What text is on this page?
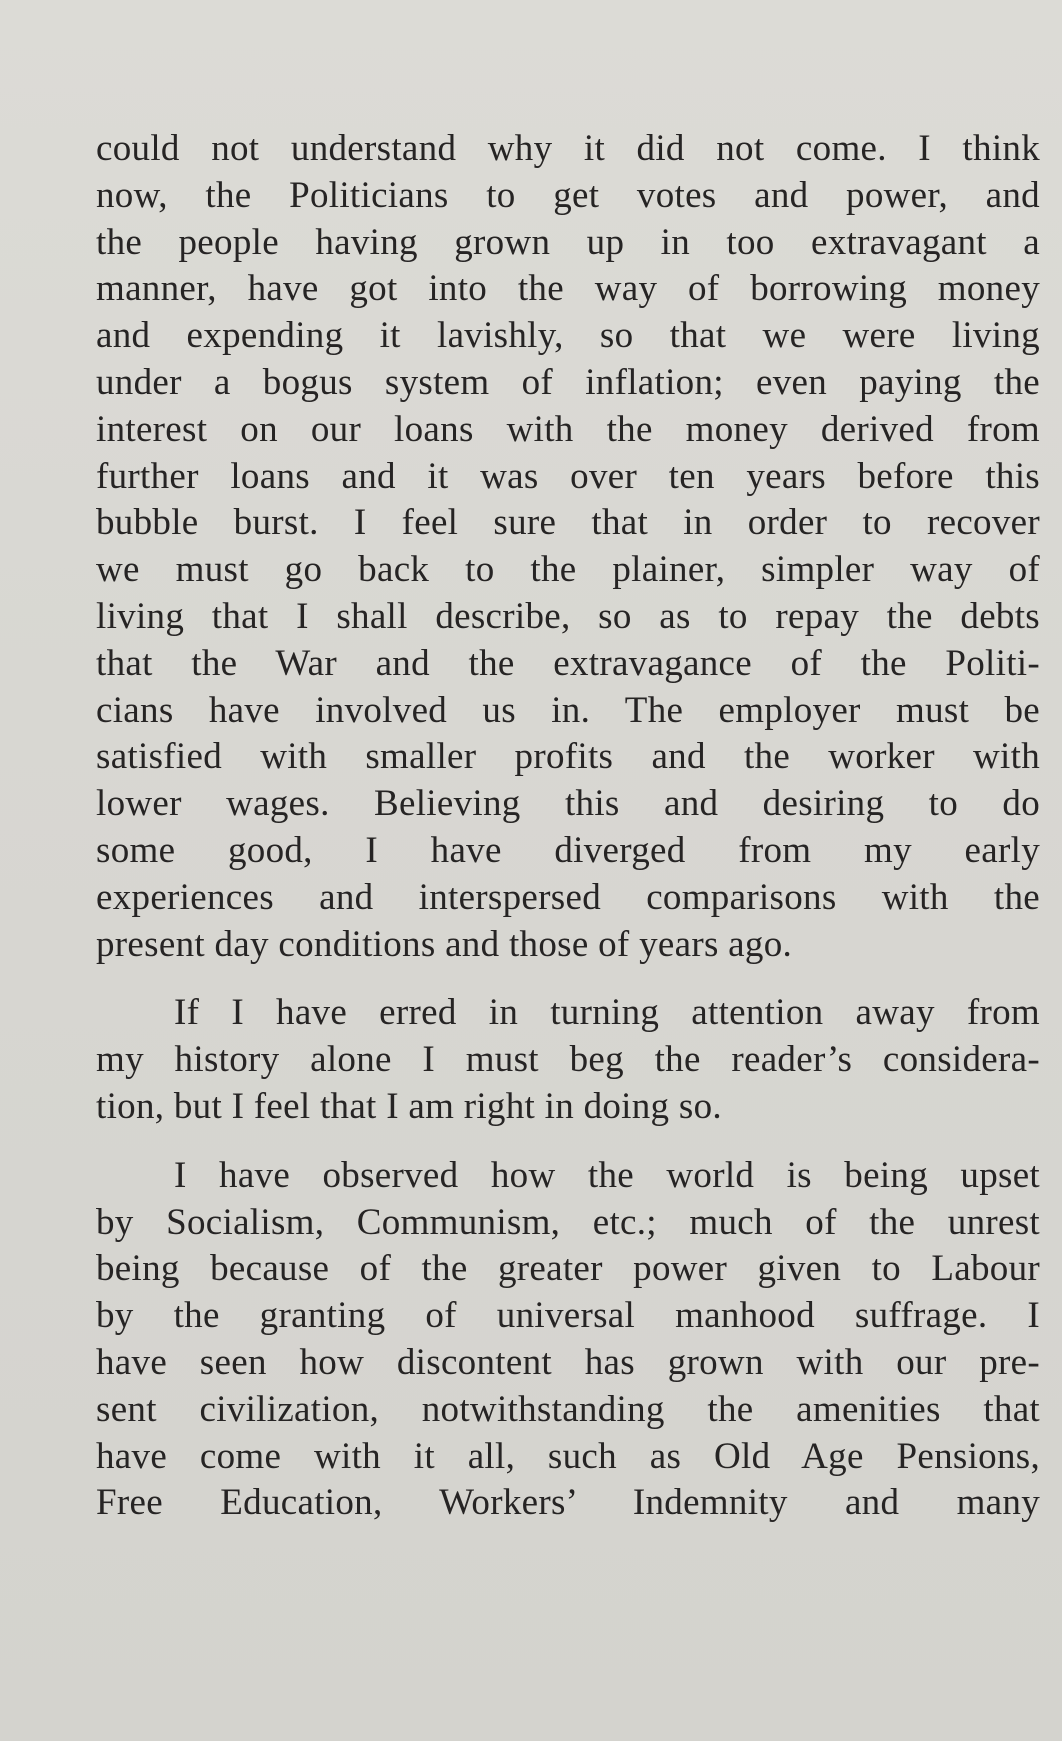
could not understand why it did not come. I think
now, the Politicians to get votes and power, and
the people having grown up in too extravagant a
manner, have got into the way of borrowing money
and expending it lavishly, so that we were living
under a bogus system of inflation; even paying the
interest on our loans with the money derived from
further loans and it was over ten years before this
bubble burst. I feel sure that in order to recover
we must go back to the plainer, simpler way of
living that I shall describe, so as to repay the debts
that the War and the extravagance of the Politi-
cians have involved us in. The employer must be
satisfied with smaller profits and the worker with
lower wages. Believing this and desiring to do
some good, I have diverged from my early
experiences and interspersed comparisons with the
present day conditions and those of years ago.
If I have erred in turning attention away from
my history alone I must beg the reader’s considera-
tion, but I feel that I am right in doing so.
I have observed how the world is being upset
by Socialism, Communism, etc.; much of the unrest
being because of the greater power given to Labour
by the granting of universal manhood suffrage. I
have seen how discontent has grown with our pre-
sent civilization, notwithstanding the amenities that
have come with it all, such as Old Age Pensions,
Free Education, Workers’ Indemnity and many
